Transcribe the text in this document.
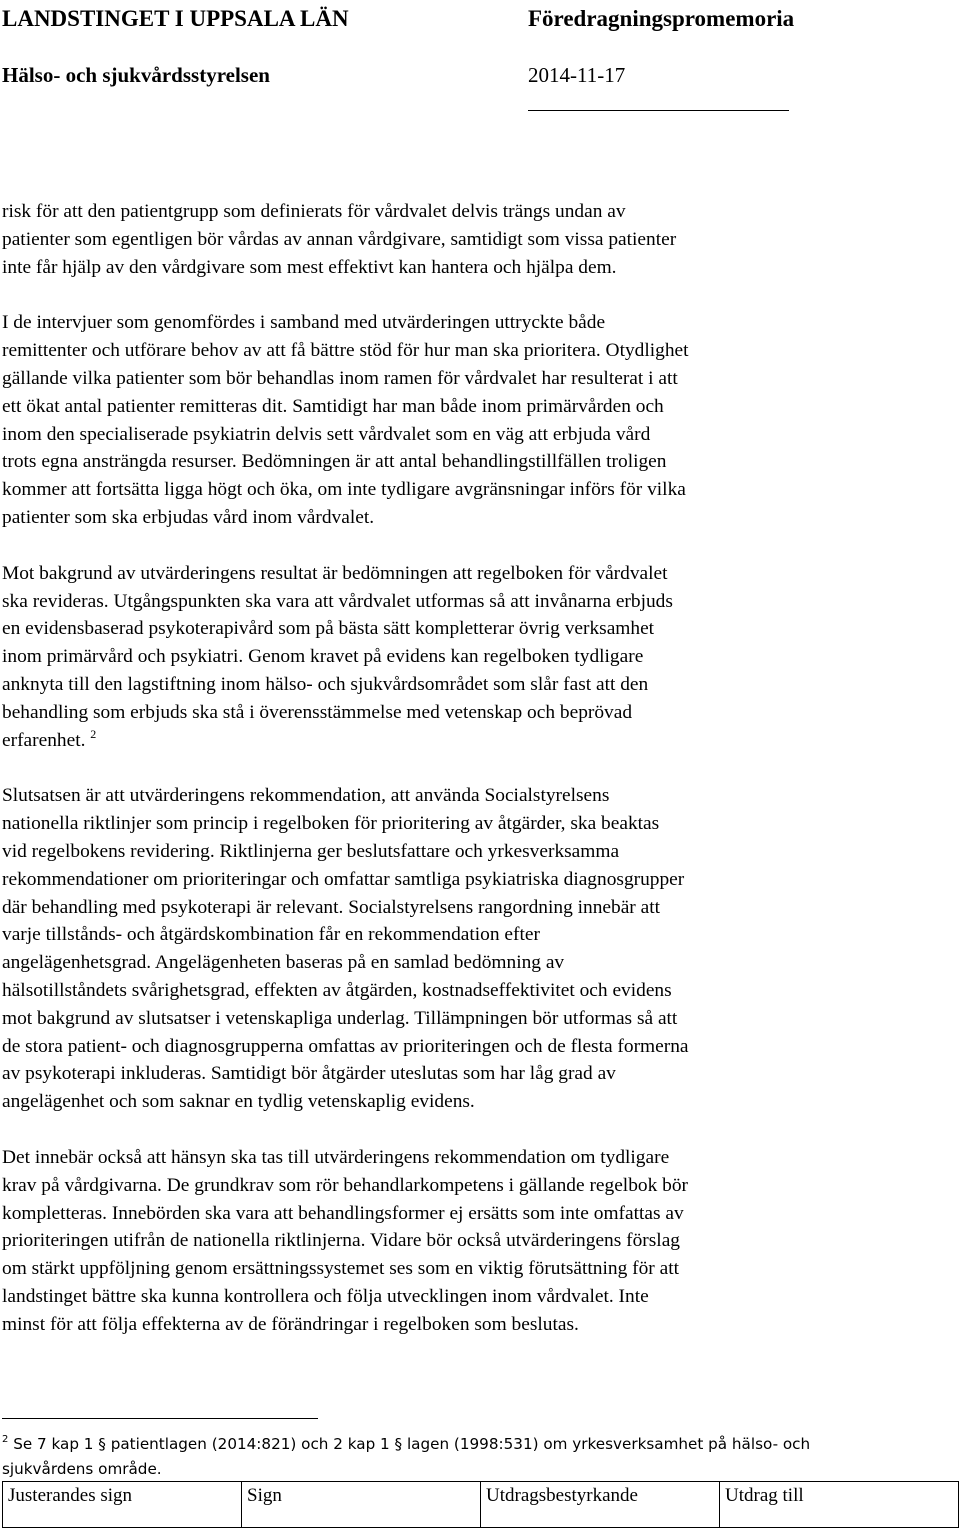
LANDSTINGET I UPPSALA LÄN	Föredragningspromemoria
Hälso- och sjukvårdsstyrelsen	2014-11-17
risk för att den patientgrupp som definierats för vårdvalet delvis trängs undan av
patienter som egentligen bör vårdas av annan vårdgivare, samtidigt som vissa patienter
inte får hjälp av den vårdgivare som mest effektivt kan hantera och hjälpa dem.
I de intervjuer som genomfördes i samband med utvärderingen uttryckte både
remittenter och utförare behov av att få bättre stöd för hur man ska prioritera. Otydlighet
gällande vilka patienter som bör behandlas inom ramen för vårdvalet har resulterat i att
ett ökat antal patienter remitteras dit. Samtidigt har man både inom primärvården och
inom den specialiserade psykiatrin delvis sett vårdvalet som en väg att erbjuda vård
trots egna ansträngda resurser. Bedömningen är att antal behandlingstillfällen troligen
kommer att fortsätta ligga högt och öka, om inte tydligare avgränsningar införs för vilka
patienter som ska erbjudas vård inom vårdvalet.
Mot bakgrund av utvärderingens resultat är bedömningen att regelboken för vårdvalet
ska revideras. Utgångspunkten ska vara att vårdvalet utformas så att invånarna erbjuds
en evidensbaserad psykoterapivård som på bästa sätt kompletterar övrig verksamhet
inom primärvård och psykiatri. Genom kravet på evidens kan regelboken tydligare
anknyta till den lagstiftning inom hälso- och sjukvårdsområdet som slår fast att den
behandling som erbjuds ska stå i överensstämmelse med vetenskap och beprövad
erfarenhet. $^2$
Slutsatsen är att utvärderingens rekommendation, att använda Socialstyrelsens
nationella riktlinjer som princip i regelboken för prioritering av åtgärder, ska beaktas
vid regelbokens revidering. Riktlinjerna ger beslutsfattare och yrkesverksamma
rekommendationer om prioriteringar och omfattar samtliga psykiatriska diagnosgrupper
där behandling med psykoterapi är relevant. Socialstyrelsens rangordning innebär att
varje tillstånds- och åtgärdskombination får en rekommendation efter
angelägenhetsgrad. Angelägenheten baseras på en samlad bedömning av
hälsotillståndets svårighetsgrad, effekten av åtgärden, kostnadseffektivitet och evidens
mot bakgrund av slutsatser i vetenskapliga underlag. Tillämpningen bör utformas så att
de stora patient- och diagnosgrupperna omfattas av prioriteringen och de flesta formerna
av psykoterapi inkluderas. Samtidigt bör åtgärder uteslutas som har låg grad av
angelägenhet och som saknar en tydlig vetenskaplig evidens.
Det innebär också att hänsyn ska tas till utvärderingens rekommendation om tydligare
krav på vårdgivarna. De grundkrav som rör behandlarkompetens i gällande regelbok bör
kompletteras. Innebörden ska vara att behandlingsformer ej ersätts som inte omfattas av
prioriteringen utifrån de nationella riktlinjerna. Vidare bör också utvärderingens förslag
om stärkt uppföljning genom ersättningssystemet ses som en viktig förutsättning för att
landstinget bättre ska kunna kontrollera och följa utvecklingen inom vårdvalet. Inte
minst för att följa effekterna av de förändringar i regelboken som beslutas.
$^2$ Se 7 kap 1 § patientlagen (2014:821) och 2 kap 1 § lagen (1998:531) om yrkesverksamhet på hälso- och
sjukvårdens område.
Justerandes sign	Sign	Utdragsbestyrkande	Utdrag till
